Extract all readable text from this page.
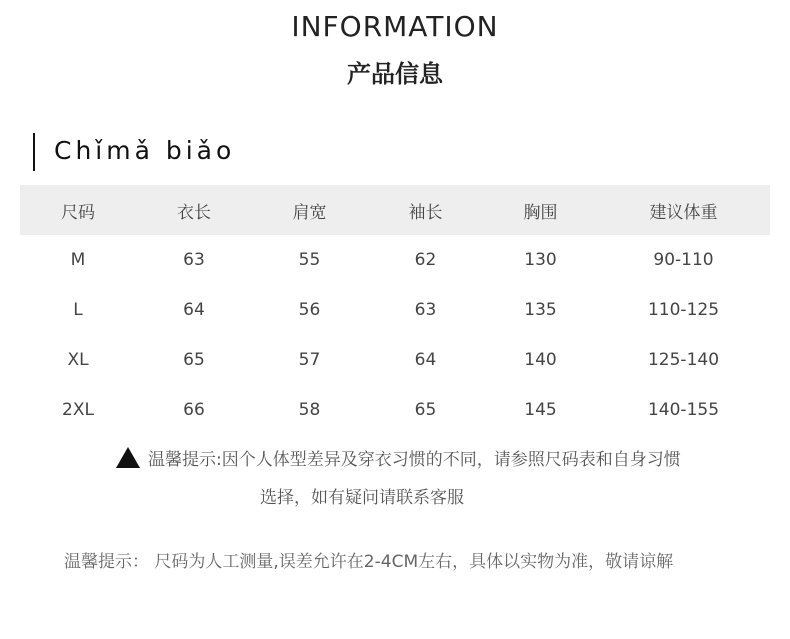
INFORMATION
产品信息
Chǐmǎ biǎo
尺码	衣长	肩宽	袖长	胸围	建议体重
M	63	55	62	130	90-110
L	64	56	63	135	110-125
XL	65	57	64	140	125-140
2XL	66	58	65	145	140-155
温馨提示:因个人体型差异及穿衣习惯的不同，请参照尺码表和自身习惯
选择，如有疑问请联系客服
温馨提示： 尺码为人工测量,误差允许在2-4CM左右，具体以实物为准，敬请谅解
